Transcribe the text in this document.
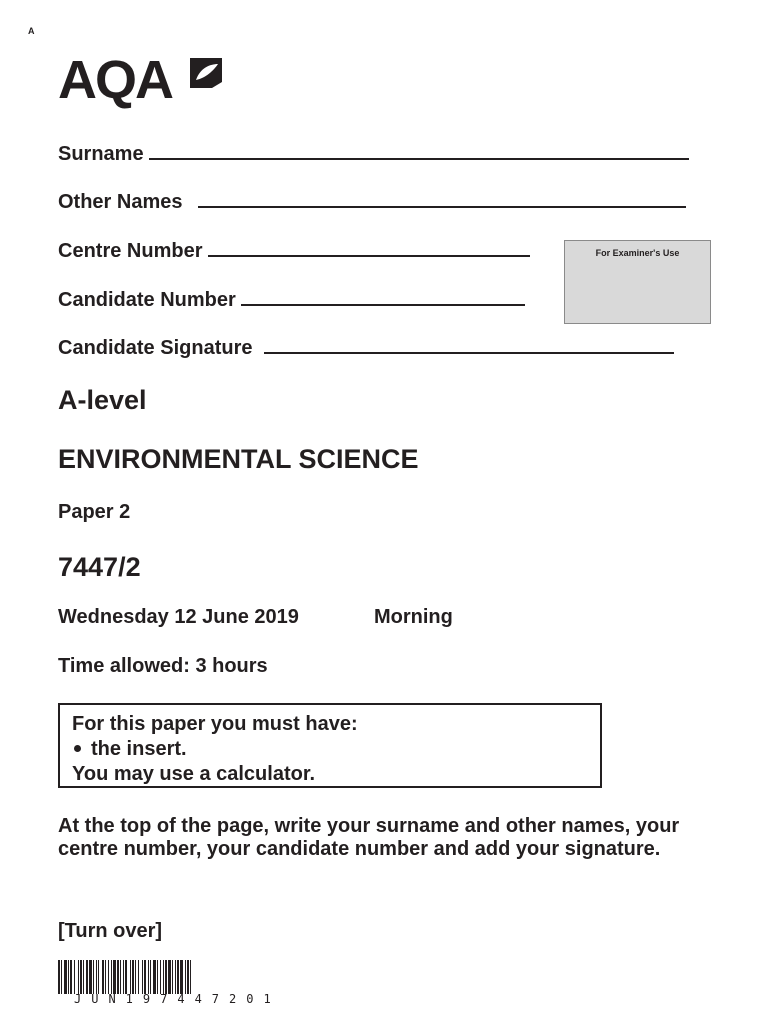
A
AQA
Surname
Other Names
Centre Number
Candidate Number
Candidate Signature
For Examiner's Use
A-level
ENVIRONMENTAL SCIENCE
Paper 2
7447/2
Wednesday 12 June 2019	Morning
Time allowed: 3 hours
For this paper you must have:
the insert.
You may use a calculator.
At the top of the page, write your surname and other names, your centre number, your candidate number and add your signature.
[Turn over]
JUN197447201
